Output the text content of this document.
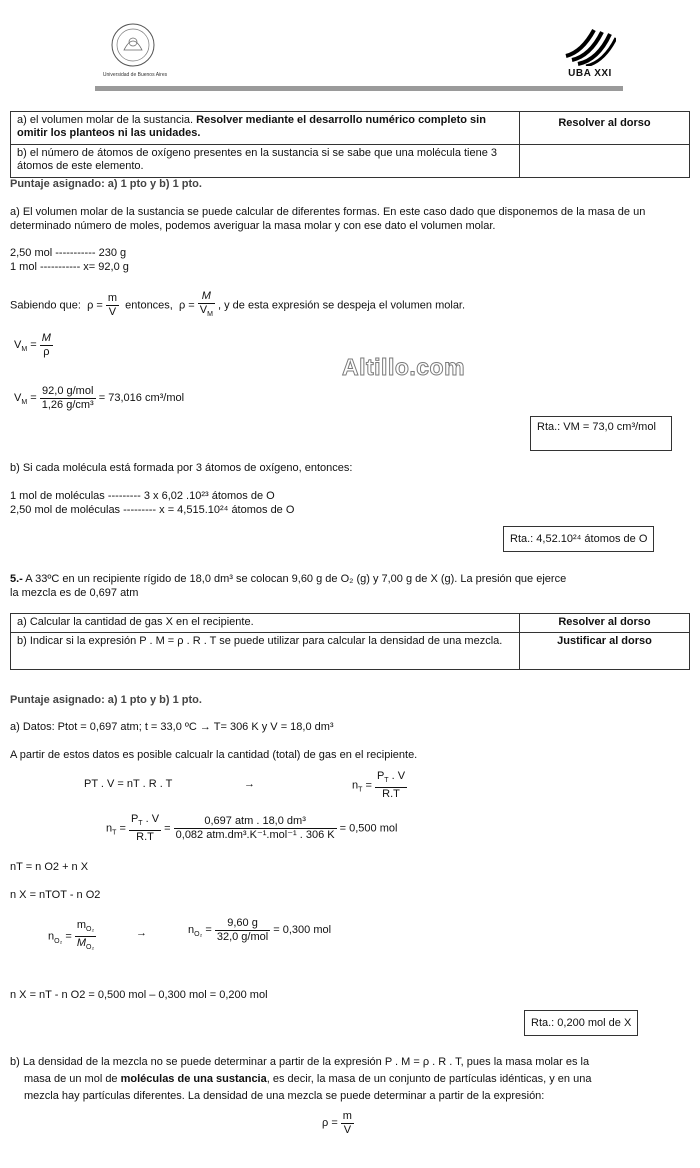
Universidad de Buenos Aires	UBA XXI
a) el volumen molar de la sustancia. Resolver mediante el desarrollo numérico completo sin omitir los planteos ni las unidades.	Resolver al dorso
b) el número de átomos de oxígeno presentes en la sustancia si se sabe que una molécula tiene 3 átomos de este elemento.	
Puntaje asignado: a) 1 pto y b) 1 pto.
a) El volumen molar de la sustancia se puede calcular de diferentes formas. En este caso dado que disponemos de la masa de un determinado número de moles, podemos averiguar la masa molar y con ese dato el volumen molar.
2,50 mol ----------- 230 g
1 mol ----------- x= 92,0 g
Sabiendo que:  $\rho = \frac{m}{V}$ entonces,  $\rho = \frac{M}{V_M}$ , y de esta expresión se despeja el volumen molar.
$V_M = \frac{M}{\rho}$
Altillo.com
$V_M = \frac{\text{92,0 g/mol}}{\text{1,26 g/cm³}} = 73,016$ cm³/mol
Rta.: VM = 73,0 cm³/mol
b) Si cada molécula está formada por 3 átomos de oxígeno, entonces:
1 mol de moléculas --------- 3 x 6,02 .10²³ átomos de O
2,50 mol de moléculas --------- x = 4,515.10²⁴ átomos de O
Rta.: 4,52.10²⁴ átomos de O
5.- A 33ºC en un recipiente rígido de 18,0 dm³ se colocan 9,60 g de O₂ (g) y 7,00 g de X (g). La presión que ejerce
la mezcla es de 0,697 atm
a) Calcular la cantidad de gas X en el recipiente.	Resolver al dorso
b) Indicar si la expresión P . M = ρ . R . T se puede utilizar para calcular la densidad de una mezcla.	Justificar al dorso
Puntaje asignado: a) 1 pto y b) 1 pto.
a) Datos: Ptot = 0,697 atm; t = 33,0 ºC → T= 306 K y V = 18,0 dm³
A partir de estos datos es posible calcualr la cantidad (total) de gas en el recipiente.
PT . V = nT . R . T	→	$n_T = \frac{P_T . V}{R.T}$
$n_T = \frac{P_T . V}{R.T} = \frac{\text{0,697 atm . 18,0 dm³}}{\text{0,082 atm.dm³.K⁻¹.mol⁻¹ . 306 K}} = 0,500$ mol
nT = n O2 + n X
n X = nTOT - n O2
$n_{O_2} = \frac{m_{O_2}}{M_{O_2}}$	→	$n_{O_2} = \frac{9,60 g}{\text{32,0 g/mol}} = 0,300$ mol
n X = nT - n O2 = 0,500 mol – 0,300 mol = 0,200 mol
Rta.: 0,200 mol de X
b) La densidad de la mezcla no se puede determinar a partir de la expresión P . M = ρ . R . T, pues la masa molar es la
masa de un mol de moléculas de una sustancia, es decir, la masa de un conjunto de partículas idénticas, y en una
mezcla hay partículas diferentes. La densidad de una mezcla se puede determinar a partir de la expresión:
$\rho = \frac{m}{V}$
